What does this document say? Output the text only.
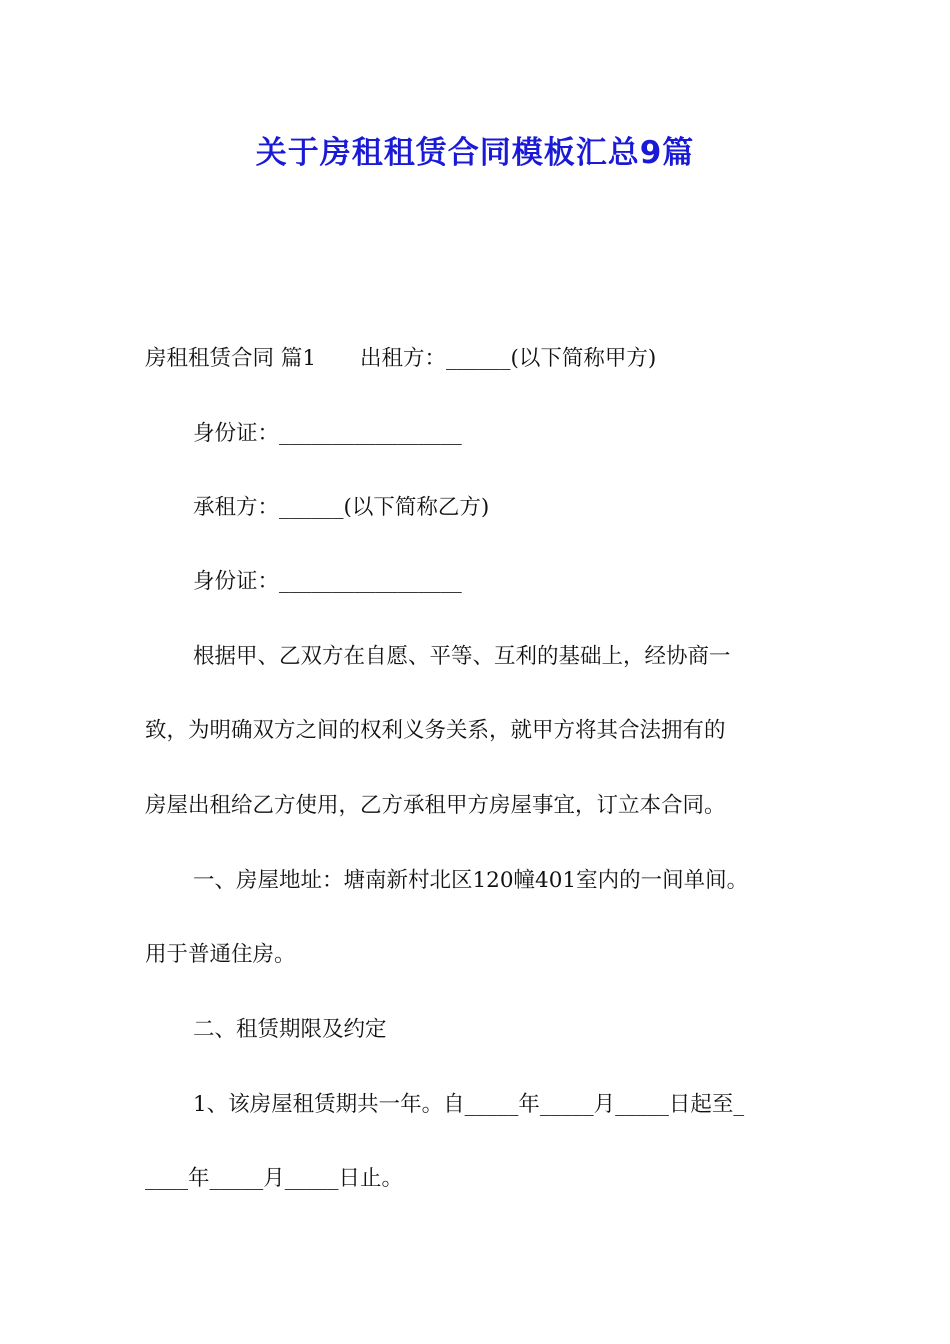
关于房租租赁合同模板汇总9篇

房租租赁合同 篇1 出租方：______(以下简称甲方)

身份证：_________________

承租方：______(以下简称乙方)

身份证：_________________

根据甲、乙双方在自愿、平等、互利的基础上，经协商一

致，为明确双方之间的权利义务关系，就甲方将其合法拥有的

房屋出租给乙方使用，乙方承租甲方房屋事宜，订立本合同。

一、房屋地址：塘南新村北区120幢401室内的一间单间。

用于普通住房。

二、租赁期限及约定

1、该房屋租赁期共一年。自_____年_____月_____日起至_

____年_____月_____日止。
